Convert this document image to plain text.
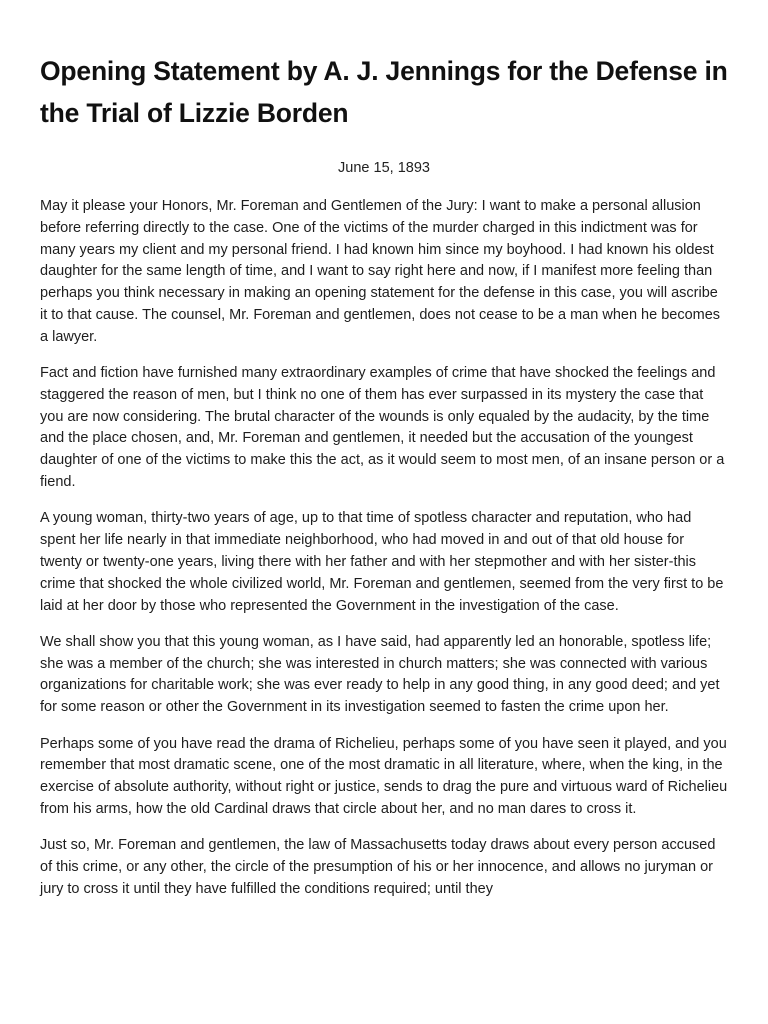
Opening Statement by A. J. Jennings for the Defense in the Trial of Lizzie Borden
June 15, 1893

May it please your Honors, Mr. Foreman and Gentlemen of the Jury: I want to make a personal allusion before referring directly to the case. One of the victims of the murder charged in this indictment was for many years my client and my personal friend. I had known him since my boyhood. I had known his oldest daughter for the same length of time, and I want to say right here and now, if I manifest more feeling than perhaps you think necessary in making an opening statement for the defense in this case, you will ascribe it to that cause. The counsel, Mr. Foreman and gentlemen, does not cease to be a man when he becomes a lawyer.

Fact and fiction have furnished many extraordinary examples of crime that have shocked the feelings and staggered the reason of men, but I think no one of them has ever surpassed in its mystery the case that you are now considering. The brutal character of the wounds is only equaled by the audacity, by the time and the place chosen, and, Mr. Foreman and gentlemen, it needed but the accusation of the youngest daughter of one of the victims to make this the act, as it would seem to most men, of an insane person or a fiend.

A young woman, thirty-two years of age, up to that time of spotless character and reputation, who had spent her life nearly in that immediate neighborhood, who had moved in and out of that old house for twenty or twenty-one years, living there with her father and with her stepmother and with her sister-this crime that shocked the whole civilized world, Mr. Foreman and gentlemen, seemed from the very first to be laid at her door by those who represented the Government in the investigation of the case.

We shall show you that this young woman, as I have said, had apparently led an honorable, spotless life; she was a member of the church; she was interested in church matters; she was connected with various organizations for charitable work; she was ever ready to help in any good thing, in any good deed; and yet for some reason or other the Government in its investigation seemed to fasten the crime upon her.

Perhaps some of you have read the drama of Richelieu, perhaps some of you have seen it played, and you remember that most dramatic scene, one of the most dramatic in all literature, where, when the king, in the exercise of absolute authority, without right or justice, sends to drag the pure and virtuous ward of Richelieu from his arms, how the old Cardinal draws that circle about her, and no man dares to cross it.

Just so, Mr. Foreman and gentlemen, the law of Massachusetts today draws about every person accused of this crime, or any other, the circle of the presumption of his or her innocence, and allows no juryman or jury to cross it until they have fulfilled the conditions required; until they
